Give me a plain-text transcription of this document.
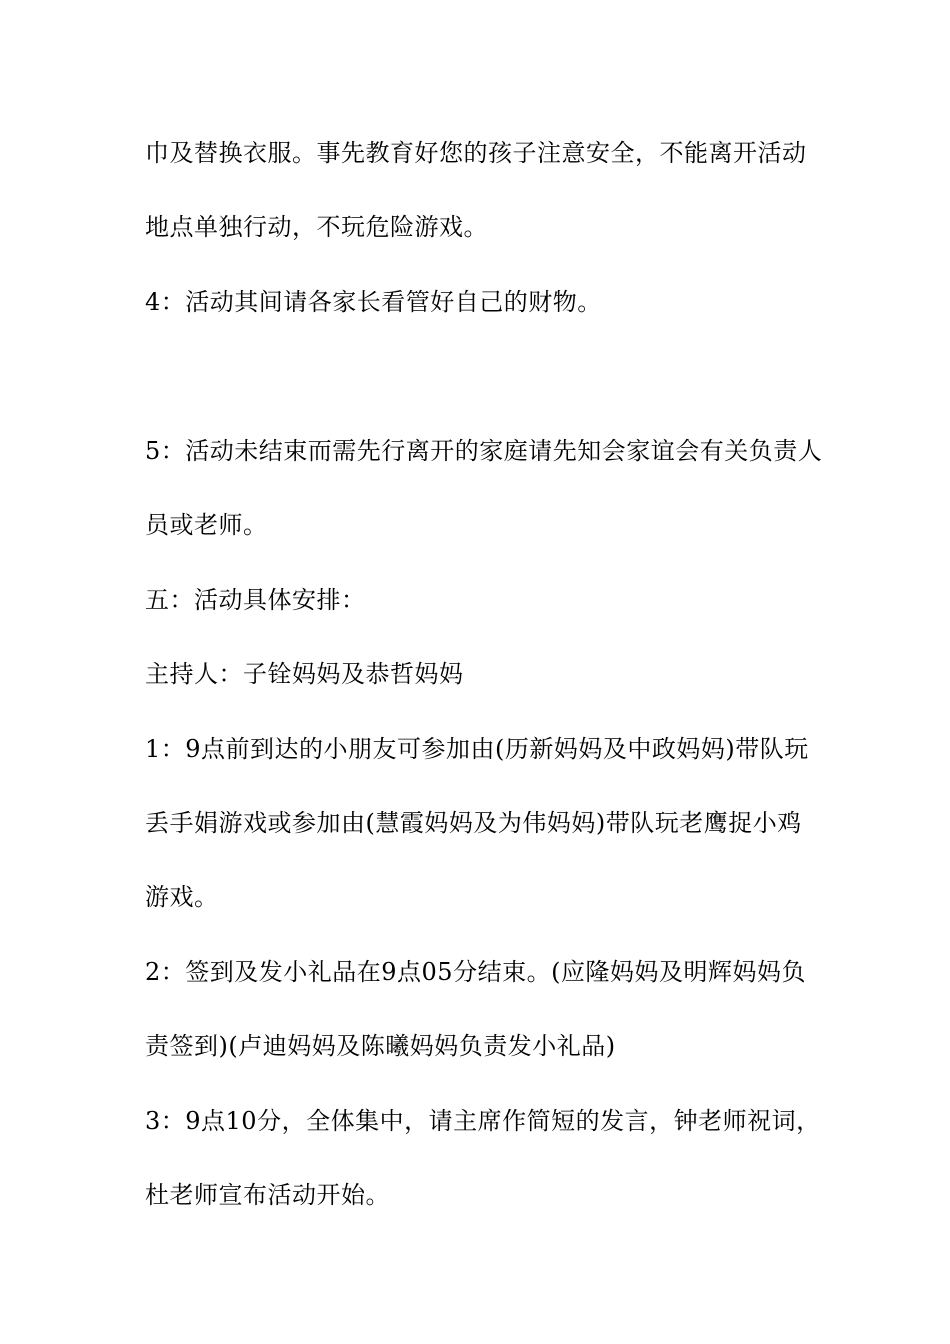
巾及替换衣服。事先教育好您的孩子注意安全，不能离开活动
地点单独行动，不玩危险游戏。
4：活动其间请各家长看管好自己的财物。
5：活动未结束而需先行离开的家庭请先知会家谊会有关负责人
员或老师。
五：活动具体安排：
主持人：子铨妈妈及恭哲妈妈
1：9点前到达的小朋友可参加由(历新妈妈及中政妈妈)带队玩
丢手娟游戏或参加由(慧霞妈妈及为伟妈妈)带队玩老鹰捉小鸡
游戏。
2：签到及发小礼品在9点05分结束。(应隆妈妈及明辉妈妈负
责签到)(卢迪妈妈及陈曦妈妈负责发小礼品)
3：9点10分，全体集中，请主席作简短的发言，钟老师祝词，
杜老师宣布活动开始。
